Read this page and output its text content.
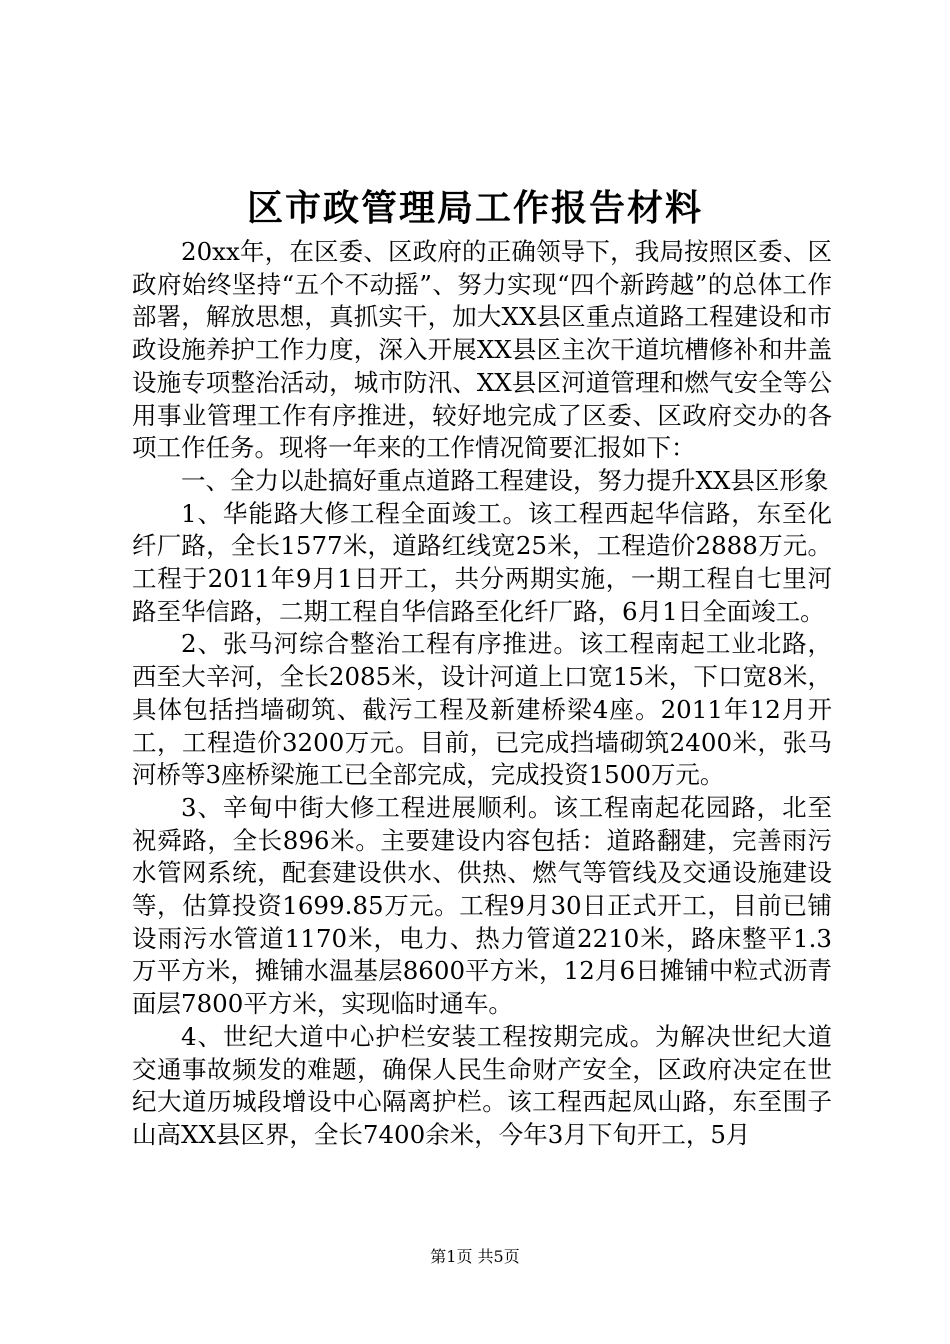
区市政管理局工作报告材料

20xx年，在区委、区政府的正确领导下，我局按照区委、区政府始终坚持“五个不动摇”、努力实现“四个新跨越”的总体工作部署，解放思想，真抓实干，加大XX县区重点道路工程建设和市政设施养护工作力度，深入开展XX县区主次干道坑槽修补和井盖设施专项整治活动，城市防汛、XX县区河道管理和燃气安全等公用事业管理工作有序推进，较好地完成了区委、区政府交办的各项工作任务。现将一年来的工作情况简要汇报如下：

一、全力以赴搞好重点道路工程建设，努力提升XX县区形象

1、华能路大修工程全面竣工。该工程西起华信路，东至化纤厂路，全长1577米，道路红线宽25米，工程造价2888万元。工程于2011年9月1日开工，共分两期实施，一期工程自七里河路至华信路，二期工程自华信路至化纤厂路，6月1日全面竣工。

2、张马河综合整治工程有序推进。该工程南起工业北路，西至大辛河，全长2085米，设计河道上口宽15米，下口宽8米，具体包括挡墙砌筑、截污工程及新建桥梁4座。2011年12月开工，工程造价3200万元。目前，已完成挡墙砌筑2400米，张马河桥等3座桥梁施工已全部完成，完成投资1500万元。

3、辛甸中街大修工程进展顺利。该工程南起花园路，北至祝舜路，全长896米。主要建设内容包括：道路翻建，完善雨污水管网系统，配套建设供水、供热、燃气等管线及交通设施建设等，估算投资1699.85万元。工程9月30日正式开工，目前已铺设雨污水管道1170米，电力、热力管道2210米，路床整平1.3万平方米，摊铺水温基层8600平方米，12月6日摊铺中粒式沥青面层7800平方米，实现临时通车。

4、世纪大道中心护栏安装工程按期完成。为解决世纪大道交通事故频发的难题，确保人民生命财产安全，区政府决定在世纪大道历城段增设中心隔离护栏。该工程西起凤山路，东至围子山高XX县区界，全长7400余米，今年3月下旬开工，5月

第1页 共5页
